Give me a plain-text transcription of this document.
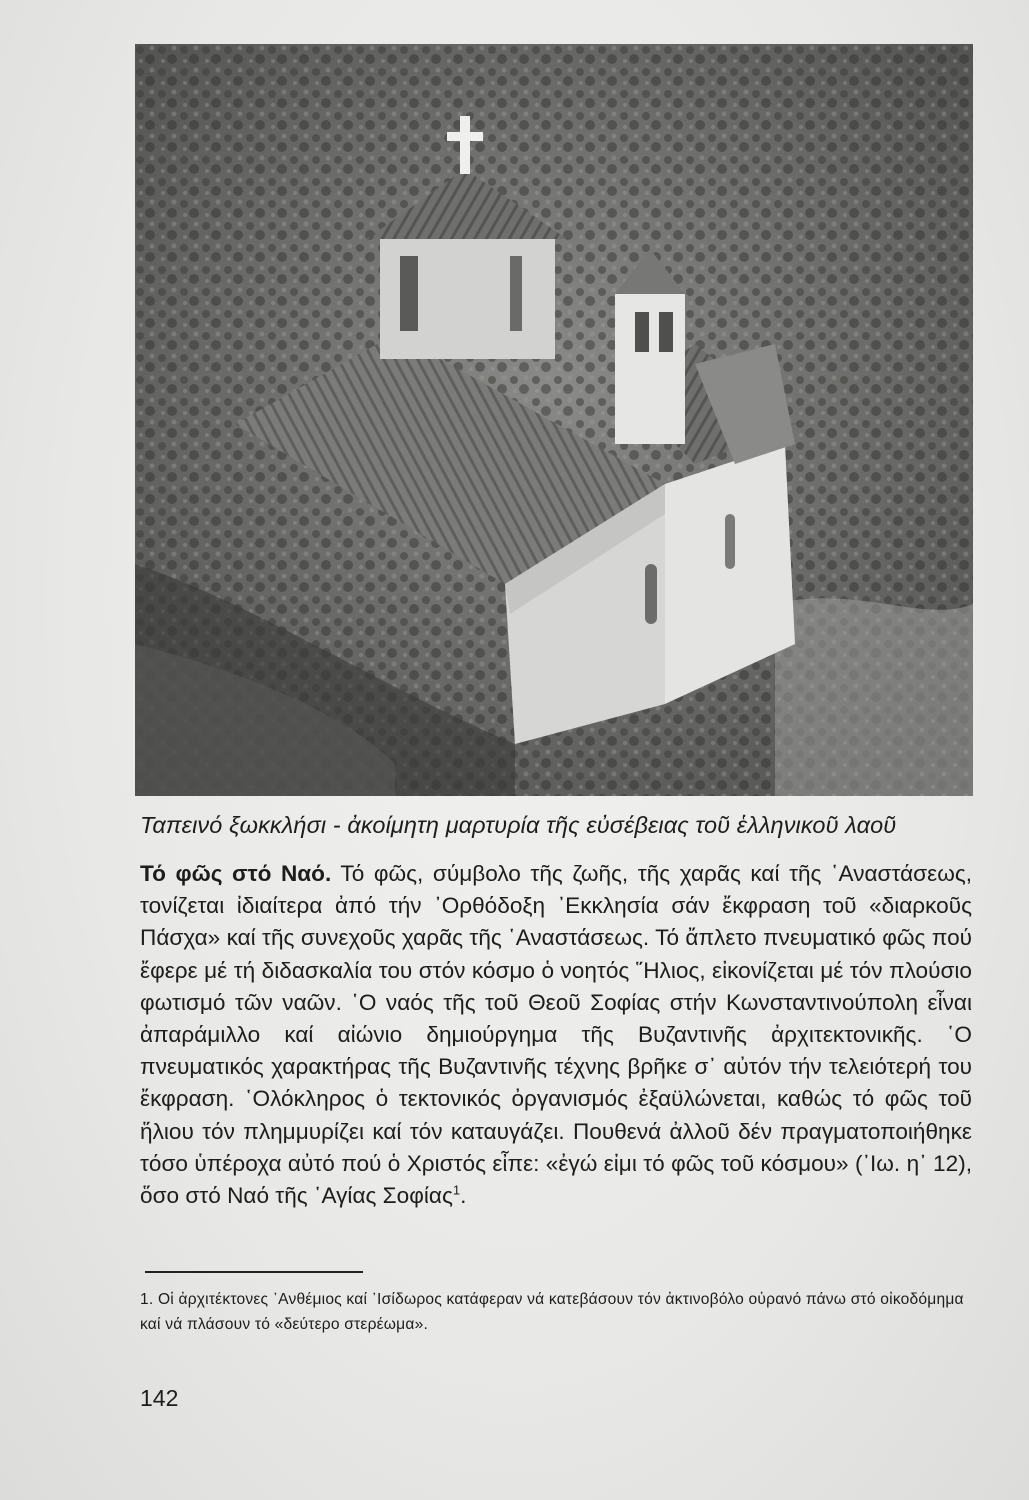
Ταπεινό ξωκκλήσι - ἀκοίμητη μαρτυρία τῆς εὐσέβειας τοῦ ἑλληνικοῦ λαοῦ
Τό φῶς στό Ναό. Τό φῶς, σύμβολο τῆς ζωῆς, τῆς χαρᾶς καί τῆς ῾Αναστάσεως, τονίζεται ἰδιαίτερα ἀπό τήν ᾿Ορθόδοξη ᾿Εκκλησία σάν ἔκφραση τοῦ «διαρκοῦς Πάσχα» καί τῆς συνεχοῦς χαρᾶς τῆς ῾Αναστάσεως. Τό ἄπλετο πνευματικό φῶς πού ἔφερε μέ τή διδασκαλία του στόν κόσμο ὁ νοητός ῞Ηλιος, εἰκονίζεται μέ τόν πλούσιο φωτισμό τῶν ναῶν. ῾Ο ναός τῆς τοῦ Θεοῦ Σοφίας στήν Κωνσταντινούπολη εἶναι ἀπαράμιλλο καί αἰώνιο δημιούργημα τῆς Βυζαντινῆς ἀρχιτεκτονικῆς. ῾Ο πνευματικός χαρακτήρας τῆς Βυζαντινῆς τέχνης βρῆκε σ᾿ αὐτόν τήν τελειότερή του ἔκφραση. ῾Ολόκληρος ὁ τεκτονικός ὀργανισμός ἐξαϋλώνεται, καθώς τό φῶς τοῦ ἥλιου τόν πλημμυρίζει καί τόν καταυγάζει. Πουθενά ἀλλοῦ δέν πραγματοποιήθηκε τόσο ὑπέροχα αὐτό πού ὁ Χριστός εἶπε: «ἐγώ εἰμι τό φῶς τοῦ κόσμου» (᾿Ιω. η᾿ 12), ὅσο στό Ναό τῆς ῾Αγίας Σοφίας$^1$.
1. Οἱ ἀρχιτέκτονες ᾿Ανθέμιος καί ᾿Ισίδωρος κατάφεραν νά κατεβάσουν τόν ἀκτινοβόλο οὐρανό πάνω στό οἰκοδόμημα καί νά πλάσουν τό «δεύτερο στερέωμα».
142
